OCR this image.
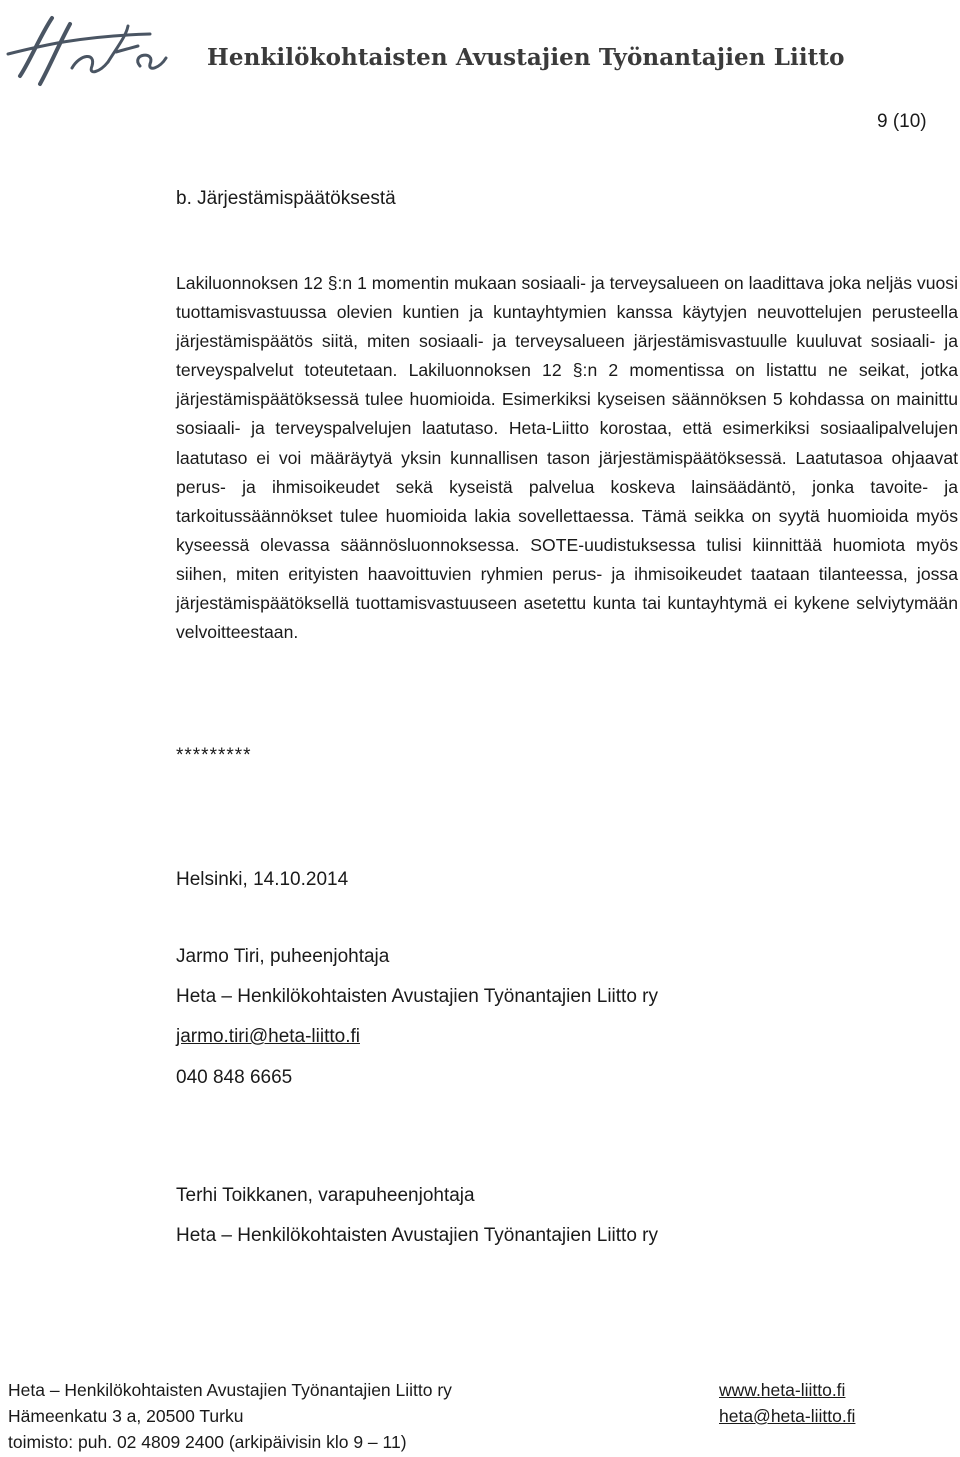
Henkilökohtaisten Avustajien Työnantajien Liitto
9 (10)
b. Järjestämispäätöksestä
Lakiluonnoksen 12 §:n 1 momentin mukaan sosiaali- ja terveysalueen on laadittava joka neljäs vuosi tuottamisvastuussa olevien kuntien ja kuntayhtymien kanssa käytyjen neuvottelujen perusteella järjestämispäätös siitä, miten sosiaali- ja terveysalueen järjestämisvastuulle kuuluvat sosiaali- ja terveyspalvelut toteutetaan. Lakiluonnoksen 12 §:n 2 momentissa on listattu ne seikat, jotka järjestämispäätöksessä tulee huomioida. Esimerkiksi kyseisen säännöksen 5 kohdassa on mainittu sosiaali- ja terveyspalvelujen laatutaso. Heta-Liitto korostaa, että esimerkiksi sosiaalipalvelujen laatutaso ei voi määräytyä yksin kunnallisen tason järjestämispäätöksessä. Laatutasoa ohjaavat perus- ja ihmisoikeudet sekä kyseistä palvelua koskeva lainsäädäntö, jonka tavoite- ja tarkoitussäännökset tulee huomioida lakia sovellettaessa. Tämä seikka on syytä huomioida myös kyseessä olevassa säännösluonnoksessa. SOTE-uudistuksessa tulisi kiinnittää huomiota myös siihen, miten erityisten haavoittuvien ryhmien perus- ja ihmisoikeudet taataan tilanteessa, jossa järjestämispäätöksellä tuottamisvastuuseen asetettu kunta tai kuntayhtymä ei kykene selviytymään velvoitteestaan.
*********
Helsinki, 14.10.2014
Jarmo Tiri, puheenjohtaja
Heta – Henkilökohtaisten Avustajien Työnantajien Liitto ry
jarmo.tiri@heta-liitto.fi
040 848 6665
Terhi Toikkanen, varapuheenjohtaja
Heta – Henkilökohtaisten Avustajien Työnantajien Liitto ry
Heta – Henkilökohtaisten Avustajien Työnantajien Liitto ry
Hämeenkatu 3 a, 20500 Turku
toimisto: puh. 02 4809 2400 (arkipäivisin klo 9 – 11)
www.heta-liitto.fi
heta@heta-liitto.fi
